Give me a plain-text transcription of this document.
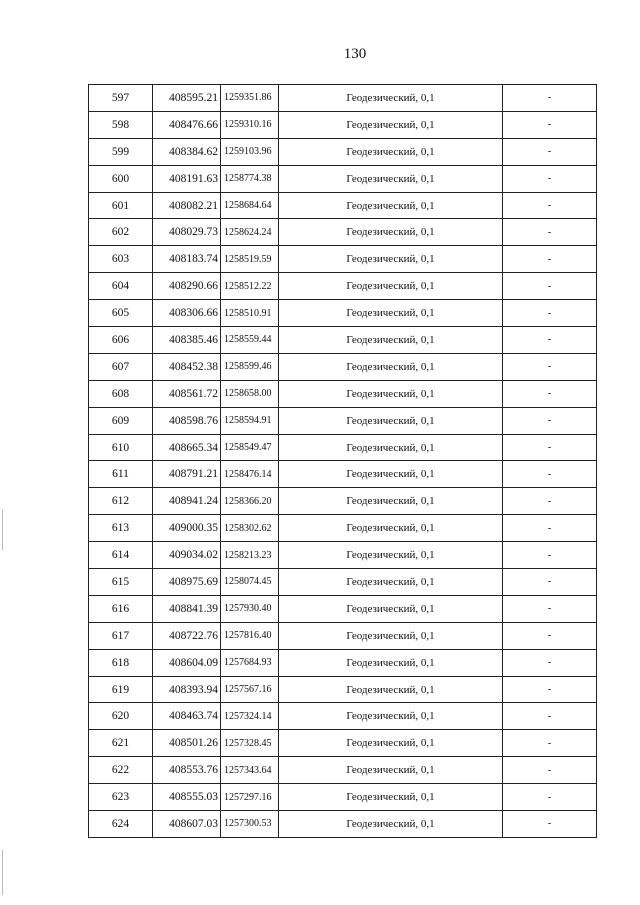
130
597	408595.21	1259351.86	Геодезический, 0,1	-
598	408476.66	1259310.16	Геодезический, 0,1	-
599	408384.62	1259103.96	Геодезический, 0,1	-
600	408191.63	1258774.38	Геодезический, 0,1	-
601	408082.21	1258684.64	Геодезический, 0,1	-
602	408029.73	1258624.24	Геодезический, 0,1	-
603	408183.74	1258519.59	Геодезический, 0,1	-
604	408290.66	1258512.22	Геодезический, 0,1	-
605	408306.66	1258510.91	Геодезический, 0,1	-
606	408385.46	1258559.44	Геодезический, 0,1	-
607	408452.38	1258599.46	Геодезический, 0,1	-
608	408561.72	1258658.00	Геодезический, 0,1	-
609	408598.76	1258594.91	Геодезический, 0,1	-
610	408665.34	1258549.47	Геодезический, 0,1	-
611	408791.21	1258476.14	Геодезический, 0,1	-
612	408941.24	1258366.20	Геодезический, 0,1	-
613	409000.35	1258302.62	Геодезический, 0,1	-
614	409034.02	1258213.23	Геодезический, 0,1	-
615	408975.69	1258074.45	Геодезический, 0,1	-
616	408841.39	1257930.40	Геодезический, 0,1	-
617	408722.76	1257816.40	Геодезический, 0,1	-
618	408604.09	1257684.93	Геодезический, 0,1	-
619	408393.94	1257567.16	Геодезический, 0,1	-
620	408463.74	1257324.14	Геодезический, 0,1	-
621	408501.26	1257328.45	Геодезический, 0,1	-
622	408553.76	1257343.64	Геодезический, 0,1	-
623	408555.03	1257297.16	Геодезический, 0,1	-
624	408607.03	1257300.53	Геодезический, 0,1	-
